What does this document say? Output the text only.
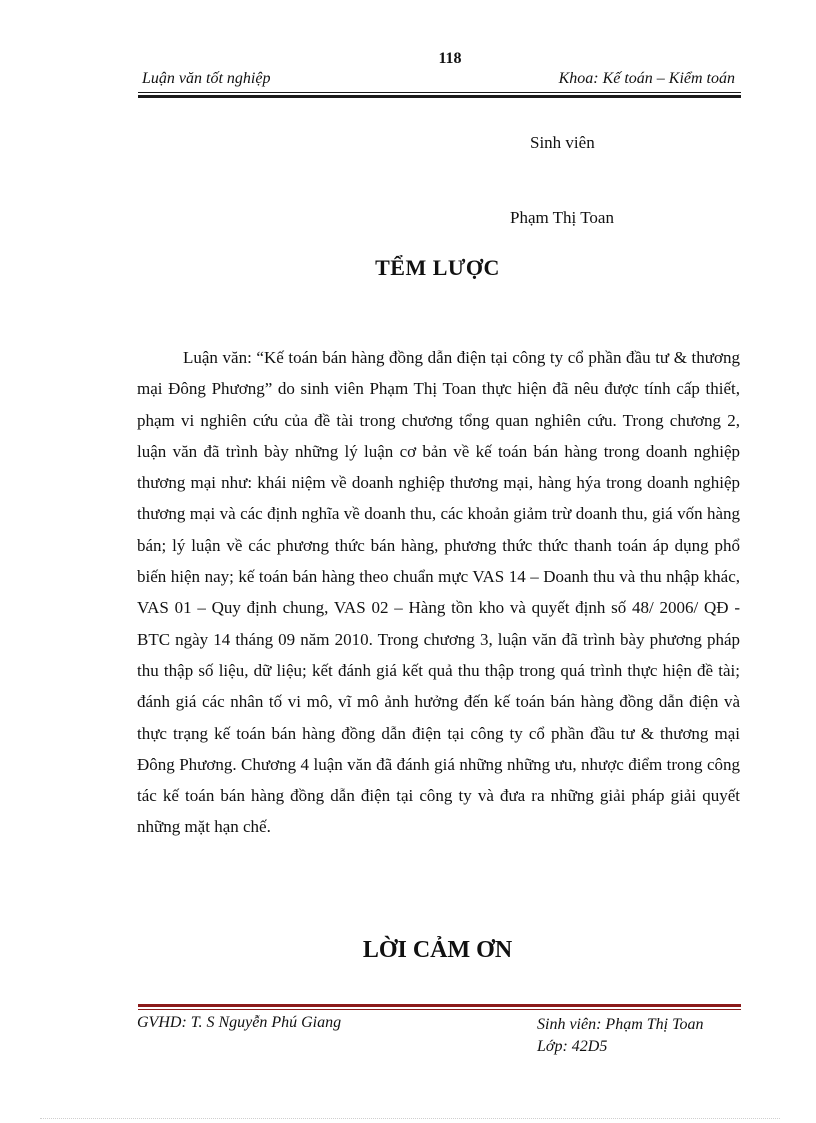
118
Luận văn tốt nghiệp	Khoa: Kế toán – Kiểm toán
Sinh viên
Phạm Thị Toan
TỂM LƯỢC

Luận văn: “Kế toán bán hàng đồng dẫn điện tại công ty cổ phần đầu tư & thương mại Đông Phương” do sinh viên Phạm Thị Toan thực hiện đã nêu được tính cấp thiết, phạm vi nghiên cứu của đề tài trong chương tổng quan nghiên cứu. Trong chương 2, luận văn đã trình bày những lý luận cơ bản về kế toán bán hàng trong doanh nghiệp thương mại như: khái niệm về doanh nghiệp thương mại, hàng hýa trong doanh nghiệp thương mại và các định nghĩa về doanh thu, các khoản giảm trừ doanh thu, giá vốn hàng bán; lý luận về các phương thức bán hàng, phương thức thức thanh toán áp dụng phổ biến hiện nay; kế toán bán hàng theo chuẩn mực VAS 14 – Doanh thu và thu nhập khác, VAS 01 – Quy định chung, VAS 02 – Hàng tồn kho và quyết định số 48/ 2006/ QĐ - BTC ngày 14 tháng 09 năm 2010. Trong chương 3, luận văn đã trình bày phương pháp thu thập số liệu, dữ liệu; kết đánh giá kết quả thu thập trong quá trình thực hiện đề tài; đánh giá các nhân tố vi mô, vĩ mô ảnh hưởng đến kế toán bán hàng đồng dẫn điện và thực trạng kế toán bán hàng đồng dẫn điện tại công ty cổ phần đầu tư & thương mại Đông Phương. Chương 4 luận văn đã đánh giá những những ưu, nhược điểm trong công tác kế toán bán hàng đồng dẫn điện tại công ty và đưa ra những giải pháp giải quyết những mặt hạn chế.

LỜI CẢM ƠN
GVHD: T. S Nguyễn Phú Giang	Sinh viên: Phạm Thị Toan
Lớp: 42D5
